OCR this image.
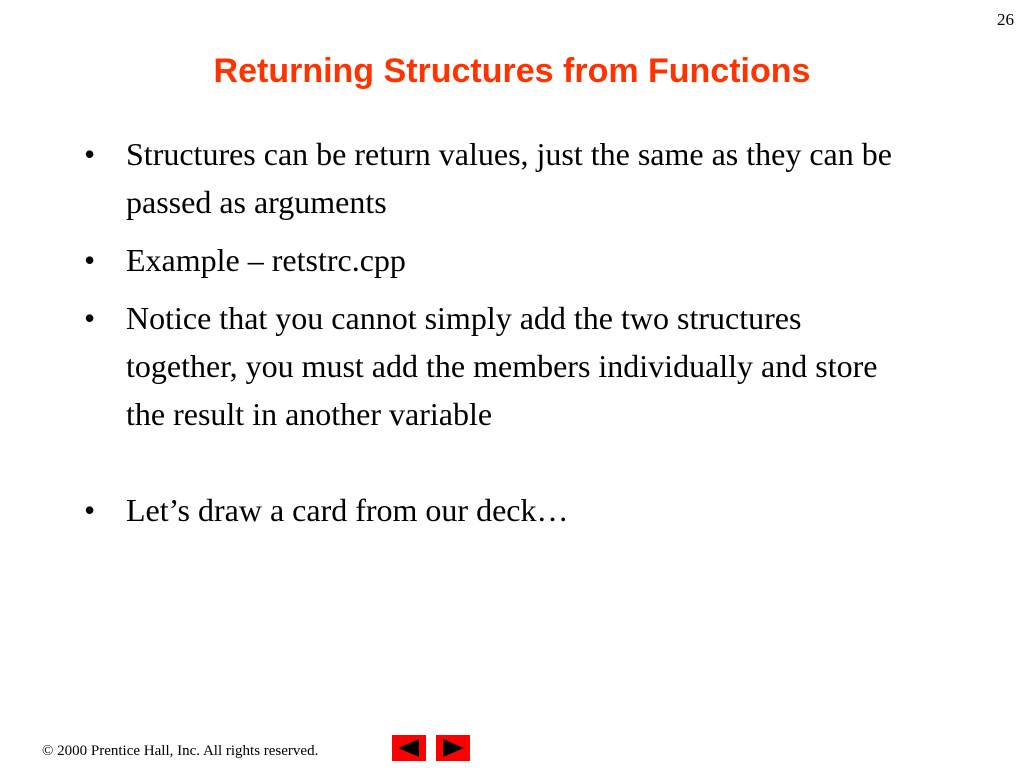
26
Returning Structures from Functions
• Structures can be return values, just the same as they can be passed as arguments
• Example – retstrc.cpp
• Notice that you cannot simply add the two structures together, you must add the members individually and store the result in another variable
• Let’s draw a card from our deck…
© 2000 Prentice Hall, Inc. All rights reserved.
